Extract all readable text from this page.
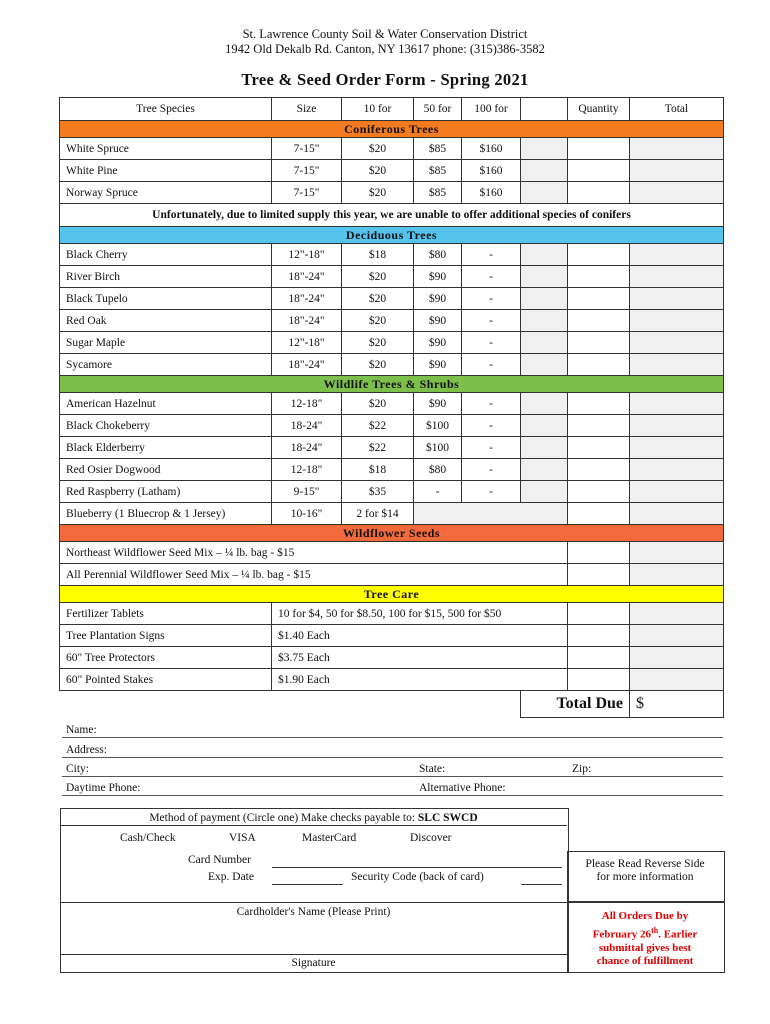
St. Lawrence County Soil & Water Conservation District
1942 Old Dekalb Rd. Canton, NY 13617 phone: (315)386-3582
Tree & Seed Order Form - Spring 2021
Tree Species	Size	10 for	50 for	100 for		Quantity	Total
Coniferous Trees							
White Spruce	7-15"	$20	$85	$160			
White Pine	7-15"	$20	$85	$160			
Norway Spruce	7-15"	$20	$85	$160			
Unfortunately, due to limited supply this year, we are unable to offer additional species of conifers							
Deciduous Trees							
Black Cherry	12"-18"	$18	$80	-			
River Birch	18"-24"	$20	$90	-			
Black Tupelo	18"-24"	$20	$90	-			
Red Oak	18"-24"	$20	$90	-			
Sugar Maple	12"-18"	$20	$90	-			
Sycamore	18"-24"	$20	$90	-			
Wildlife Trees & Shrubs							
American Hazelnut	12-18"	$20	$90	-			
Black Chokeberry	18-24"	$22	$100	-			
Black Elderberry	18-24"	$22	$100	-			
Red Osier Dogwood	12-18"	$18	$80	-			
Red Raspberry (Latham)	9-15"	$35	-	-			
Blueberry (1 Bluecrop & 1 Jersey)	10-16"	2 for $14					
Wildflower Seeds							
Northeast Wildflower Seed Mix – ¼ lb. bag - $15							
All Perennial Wildflower Seed Mix – ¼ lb. bag - $15							
Tree Care							
Fertilizer Tablets	10 for $4, 50 for $8.50, 100 for $15, 500 for $50						
Tree Plantation Signs	$1.40 Each						
60" Tree Protectors	$3.75 Each						
60" Pointed Stakes	$1.90 Each						
					Total Due		$
Name:
Address:
City:	State:	Zip:
Daytime Phone:	Alternative Phone:
Method of payment (Circle one) Make checks payable to: SLC SWCD
Cash/Check	VISA	MasterCard	Discover
Card Number
Exp. Date	Security Code (back of card)
Cardholder's Name (Please Print)
Signature
Please Read Reverse Side for more information
All Orders Due by
February 26th. Earlier
submittal gives best
chance of fulfillment
